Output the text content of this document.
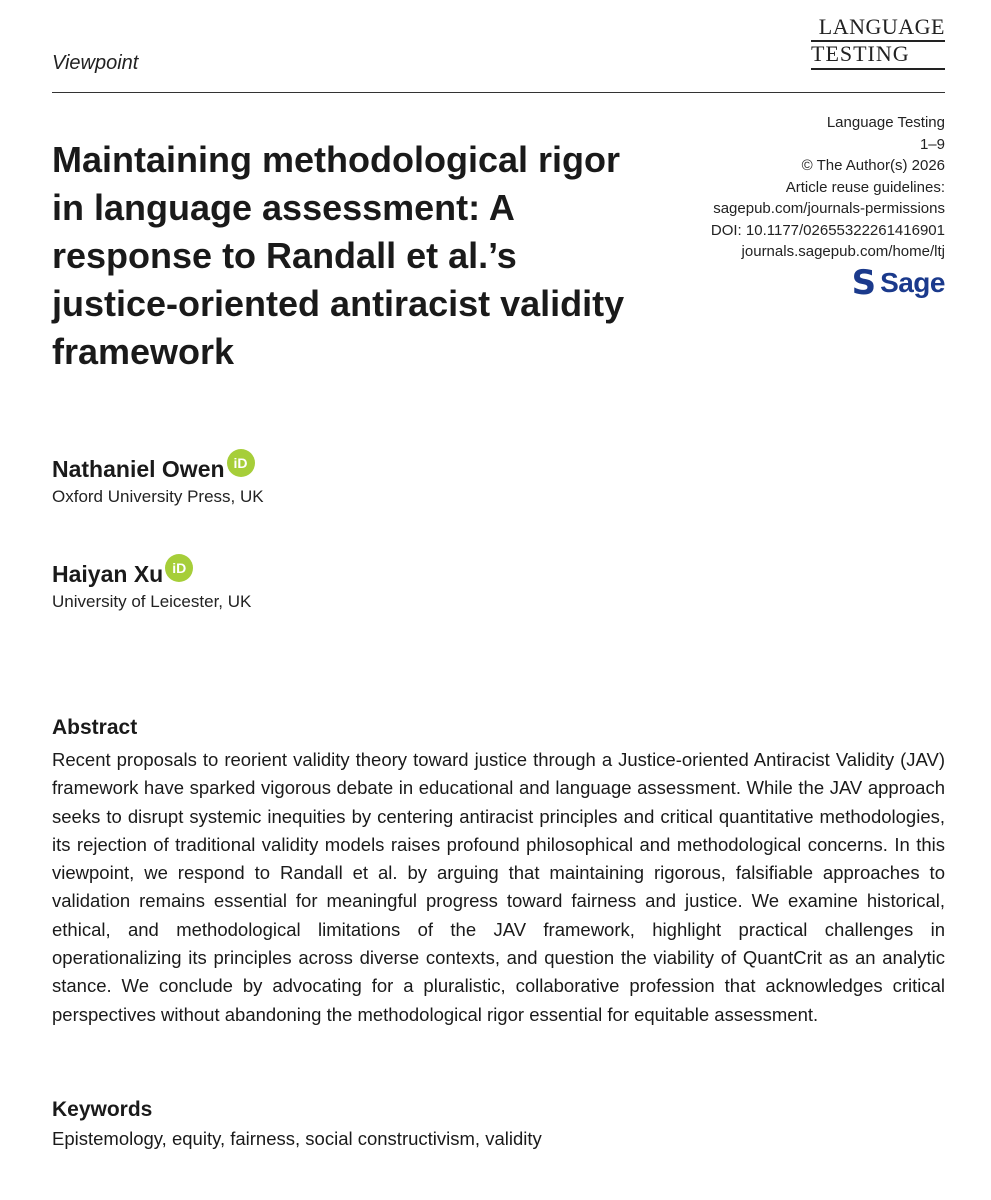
LANGUAGE
TESTING
Viewpoint
Language Testing
1–9
© The Author(s) 2026
Article reuse guidelines:
sagepub.com/journals-permissions
DOI: 10.1177/02655322261416901
journals.sagepub.com/home/ltj
S Sage
Maintaining methodological rigor in language assessment: A response to Randall et al.’s justice-oriented antiracist validity framework
Nathaniel Owen iD
Oxford University Press, UK
Haiyan Xu iD
University of Leicester, UK
Abstract
Recent proposals to reorient validity theory toward justice through a Justice-oriented Antiracist Validity (JAV) framework have sparked vigorous debate in educational and language assessment. While the JAV approach seeks to disrupt systemic inequities by centering antiracist principles and critical quantitative methodologies, its rejection of traditional validity models raises profound philosophical and methodological concerns. In this viewpoint, we respond to Randall et al. by arguing that maintaining rigorous, falsifiable approaches to validation remains essential for meaningful progress toward fairness and justice. We examine historical, ethical, and methodological limitations of the JAV framework, highlight practical challenges in operationalizing its principles across diverse contexts, and question the viability of QuantCrit as an analytic stance. We conclude by advocating for a pluralistic, collaborative profession that acknowledges critical perspectives without abandoning the methodological rigor essential for equitable assessment.
Keywords
Epistemology, equity, fairness, social constructivism, validity
